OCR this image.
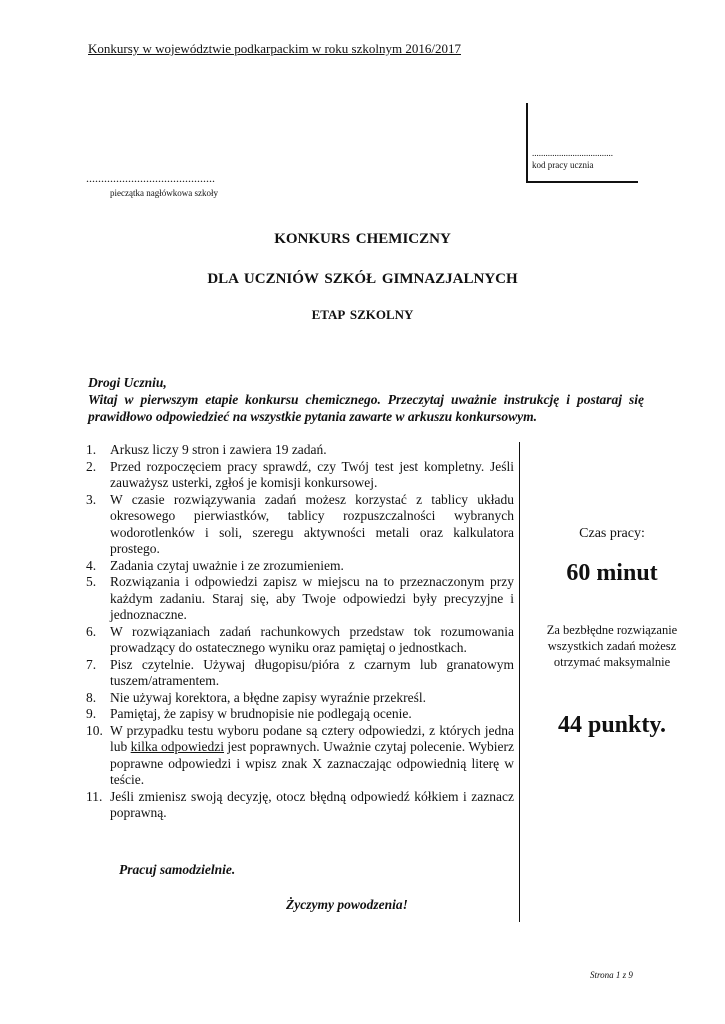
Konkursy w województwie podkarpackim w roku szkolnym 2016/2017
....................................
kod pracy ucznia
...........................................
pieczątka nagłówkowa szkoły
KONKURS CHEMICZNY
DLA UCZNIÓW SZKÓŁ GIMNAZJALNYCH
ETAP SZKOLNY
Drogi Uczniu,
Witaj w pierwszym etapie konkursu chemicznego. Przeczytaj uważnie instrukcję i postaraj się prawidłowo odpowiedzieć na wszystkie pytania zawarte w arkuszu konkursowym.
1.	Arkusz liczy 9 stron i zawiera 19 zadań.
2.	Przed rozpoczęciem pracy sprawdź, czy Twój test jest kompletny. Jeśli zauważysz usterki, zgłoś je komisji konkursowej.
3.	W czasie rozwiązywania zadań możesz korzystać z tablicy układu okresowego pierwiastków, tablicy rozpuszczalności wybranych wodorotlenków i soli, szeregu aktywności metali oraz kalkulatora prostego.
4.	Zadania czytaj uważnie i ze zrozumieniem.
5.	Rozwiązania i odpowiedzi zapisz w miejscu na to przeznaczonym przy każdym zadaniu. Staraj się, aby Twoje odpowiedzi były precyzyjne i jednoznaczne.
6.	W rozwiązaniach zadań rachunkowych przedstaw tok rozumowania prowadzący do ostatecznego wyniku oraz pamiętaj o jednostkach.
7.	Pisz czytelnie. Używaj długopisu/pióra z czarnym lub granatowym tuszem/atramentem.
8.	Nie używaj korektora, a błędne zapisy wyraźnie przekreśl.
9.	Pamiętaj, że zapisy w brudnopisie nie podlegają ocenie.
10. W przypadku testu wyboru podane są cztery odpowiedzi, z których jedna lub kilka odpowiedzi jest poprawnych. Uważnie czytaj polecenie. Wybierz poprawne odpowiedzi i wpisz znak X zaznaczając odpowiednią literę w teście.
11. Jeśli zmienisz swoją decyzję, otocz błędną odpowiedź kółkiem i zaznacz poprawną.
Czas pracy:
60 minut
Za bezbłędne rozwiązanie wszystkich zadań możesz otrzymać maksymalnie
44 punkty.
Pracuj samodzielnie.
Życzymy powodzenia!
Strona 1 z 9
